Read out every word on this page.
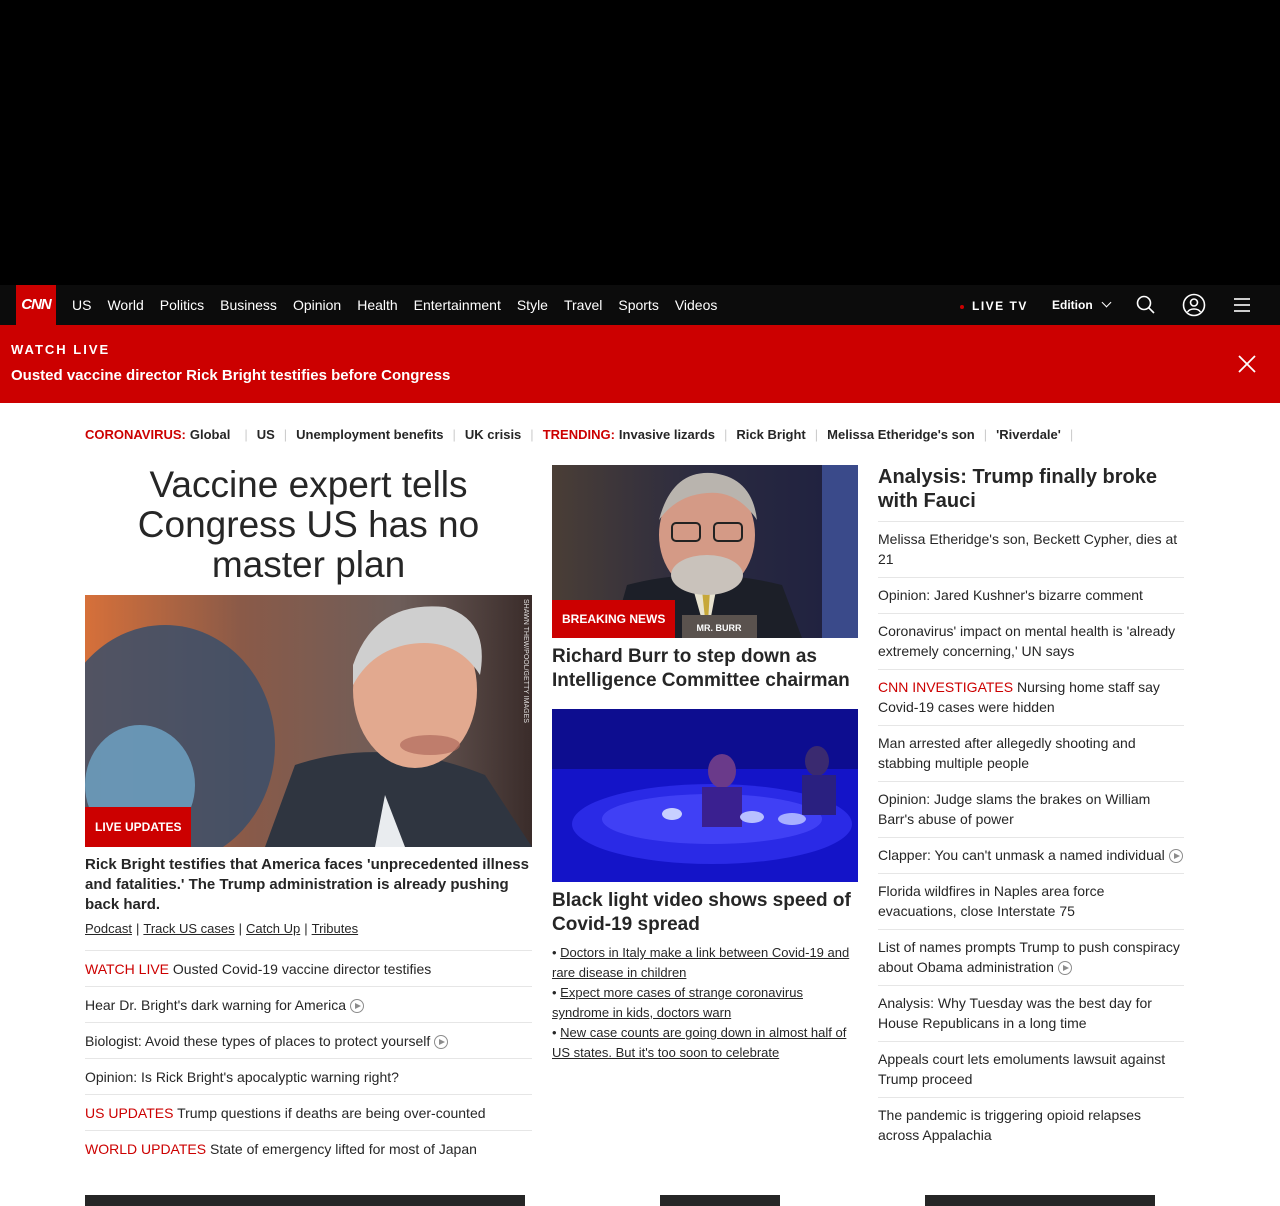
CNN	US	World	Politics	Business	Opinion	Health	Entertainment	Style	Travel	Sports	Videos	LIVE TV Edition
WATCH LIVE
Ousted vaccine director Rick Bright testifies before Congress
CORONAVIRUS: Global | US | Unemployment benefits | UK crisis | TRENDING: Invasive lizards | Rick Bright | Melissa Etheridge's son | 'Riverdale' |
Vaccine expert tells Congress US has no master plan
SHAWN THEW/POOL/GETTY IMAGES
LIVE UPDATES
Rick Bright testifies that America faces 'unprecedented illness and fatalities.' The Trump administration is already pushing back hard.
Podcast | Track US cases | Catch Up | Tributes
WATCH LIVE Ousted Covid-19 vaccine director testifies
Hear Dr. Bright's dark warning for America
Biologist: Avoid these types of places to protect yourself
Opinion: Is Rick Bright's apocalyptic warning right?
US UPDATES Trump questions if deaths are being over-counted
WORLD UPDATES State of emergency lifted for most of Japan
MR. BURR
BREAKING NEWS
Richard Burr to step down as Intelligence Committee chairman
Black light video shows speed of Covid-19 spread
• Doctors in Italy make a link between Covid-19 and rare disease in children
• Expect more cases of strange coronavirus syndrome in kids, doctors warn
• New case counts are going down in almost half of US states. But it's too soon to celebrate
Analysis: Trump finally broke with Fauci
Melissa Etheridge's son, Beckett Cypher, dies at 21
Opinion: Jared Kushner's bizarre comment
Coronavirus' impact on mental health is 'already extremely concerning,' UN says
CNN INVESTIGATES Nursing home staff say Covid-19 cases were hidden
Man arrested after allegedly shooting and stabbing multiple people
Opinion: Judge slams the brakes on William Barr's abuse of power
Clapper: You can't unmask a named individual
Florida wildfires in Naples area force evacuations, close Interstate 75
List of names prompts Trump to push conspiracy about Obama administration
Analysis: Why Tuesday was the best day for House Republicans in a long time
Appeals court lets emoluments lawsuit against Trump proceed
The pandemic is triggering opioid relapses across Appalachia
